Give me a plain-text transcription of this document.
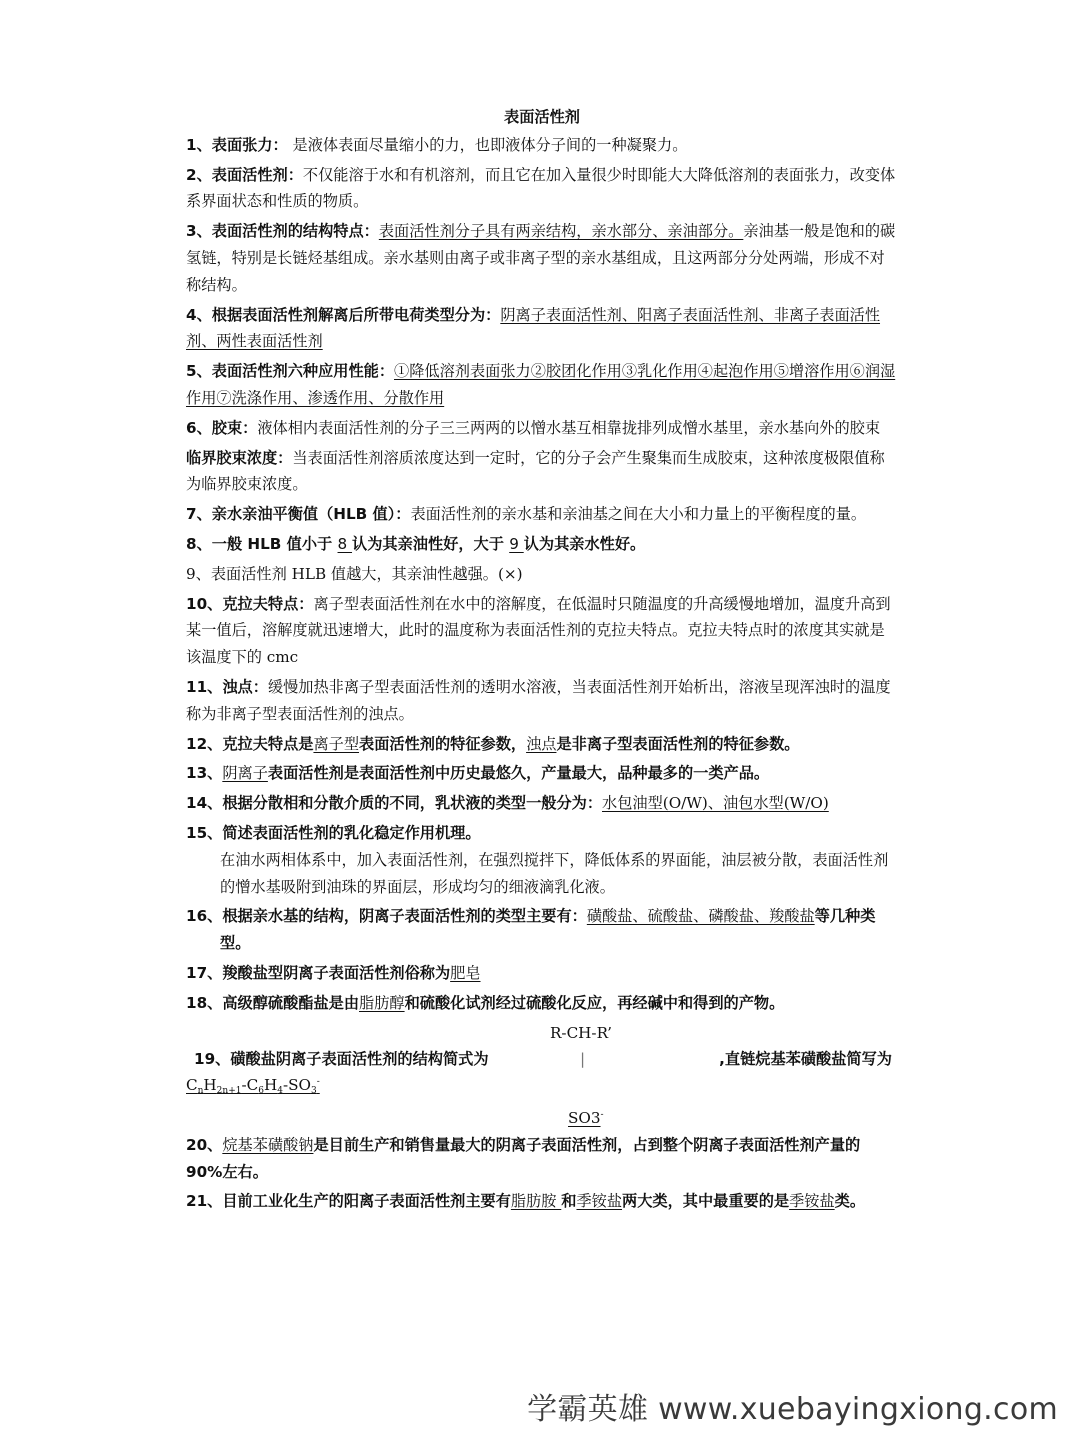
表面活性剂
1、表面张力： 是液体表面尽量缩小的力，也即液体分子间的一种凝聚力。
2、表面活性剂：不仅能溶于水和有机溶剂，而且它在加入量很少时即能大大降低溶剂的表面张力，改变体系界面状态和性质的物质。
3、表面活性剂的结构特点：表面活性剂分子具有两亲结构，亲水部分、亲油部分。亲油基一般是饱和的碳氢链，特别是长链烃基组成。亲水基则由离子或非离子型的亲水基组成，且这两部分分处两端，形成不对称结构。
4、根据表面活性剂解离后所带电荷类型分为：阴离子表面活性剂、阳离子表面活性剂、非离子表面活性剂、两性表面活性剂
5、表面活性剂六种应用性能：①降低溶剂表面张力②胶团化作用③乳化作用④起泡作用⑤增溶作用⑥润湿作用⑦洗涤作用、渗透作用、分散作用
6、胶束：液体相内表面活性剂的分子三三两两的以憎水基互相靠拢排列成憎水基里，亲水基向外的胶束
临界胶束浓度：当表面活性剂溶质浓度达到一定时，它的分子会产生聚集而生成胶束，这种浓度极限值称为临界胶束浓度。
7、亲水亲油平衡值（HLB 值）：表面活性剂的亲水基和亲油基之间在大小和力量上的平衡程度的量。
8、一般 HLB 值小于 8 认为其亲油性好，大于 9 认为其亲水性好。
9、表面活性剂 HLB 值越大，其亲油性越强。(×)
10、克拉夫特点：离子型表面活性剂在水中的溶解度，在低温时只随温度的升高缓慢地增加，温度升高到某一值后，溶解度就迅速增大，此时的温度称为表面活性剂的克拉夫特点。克拉夫特点时的浓度其实就是该温度下的 cmc
11、浊点：缓慢加热非离子型表面活性剂的透明水溶液，当表面活性剂开始析出，溶液呈现浑浊时的温度称为非离子型表面活性剂的浊点。
12、克拉夫特点是离子型表面活性剂的特征参数，浊点是非离子型表面活性剂的特征参数。
13、阴离子表面活性剂是表面活性剂中历史最悠久，产量最大，品种最多的一类产品。
14、根据分散相和分散介质的不同，乳状液的类型一般分为：水包油型(O/W)、油包水型(W/O)
15、简述表面活性剂的乳化稳定作用机理。
在油水两相体系中，加入表面活性剂，在强烈搅拌下，降低体系的界面能，油层被分散，表面活性剂的憎水基吸附到油珠的界面层，形成均匀的细液滴乳化液。
16、根据亲水基的结构，阴离子表面活性剂的类型主要有：磺酸盐、硫酸盐、磷酸盐、羧酸盐等几种类型。
17、羧酸盐型阴离子表面活性剂俗称为肥皂
18、高级醇硫酸酯盐是由脂肪醇和硫酸化试剂经过硫酸化反应，再经碱中和得到的产物。
R-CH-R’
19、磺酸盐阴离子表面活性剂的结构简式为	|	,直链烷基苯磺酸盐简写为
$C_nH_{2n+1}-C_6H_4-SO_3^-$
SO3-
20、烷基苯磺酸钠是目前生产和销售量最大的阴离子表面活性剂，占到整个阴离子表面活性剂产量的 90%左右。
21、目前工业化生产的阳离子表面活性剂主要有脂肪胺 和季铵盐两大类，其中最重要的是季铵盐类。
学霸英雄 www.xuebayingxiong.com
